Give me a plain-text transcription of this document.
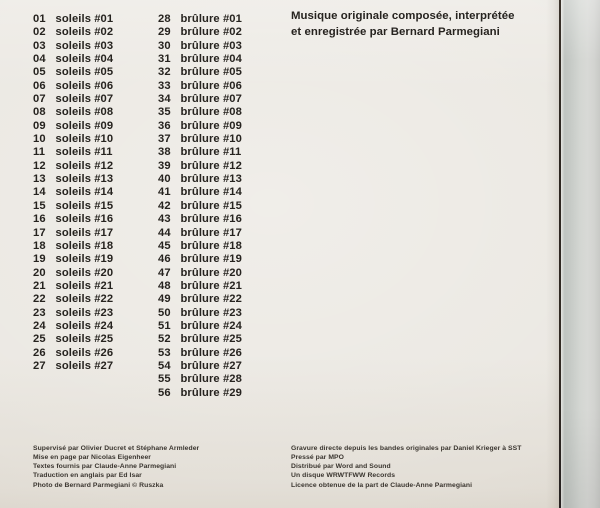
01 soleils #01
02 soleils #02
03 soleils #03
04 soleils #04
05 soleils #05
06 soleils #06
07 soleils #07
08 soleils #08
09 soleils #09
10 soleils #10
11 soleils #11
12 soleils #12
13 soleils #13
14 soleils #14
15 soleils #15
16 soleils #16
17 soleils #17
18 soleils #18
19 soleils #19
20 soleils #20
21 soleils #21
22 soleils #22
23 soleils #23
24 soleils #24
25 soleils #25
26 soleils #26
27 soleils #27
28 brûlure #01
29 brûlure #02
30 brûlure #03
31 brûlure #04
32 brûlure #05
33 brûlure #06
34 brûlure #07
35 brûlure #08
36 brûlure #09
37 brûlure #10
38 brûlure #11
39 brûlure #12
40 brûlure #13
41 brûlure #14
42 brûlure #15
43 brûlure #16
44 brûlure #17
45 brûlure #18
46 brûlure #19
47 brûlure #20
48 brûlure #21
49 brûlure #22
50 brûlure #23
51 brûlure #24
52 brûlure #25
53 brûlure #26
54 brûlure #27
55 brûlure #28
56 brûlure #29
Musique originale composée, interprétée
et enregistrée par Bernard Parmegiani
Supervisé par Olivier Ducret et Stéphane Armleder
Mise en page par Nicolas Eigenheer
Textes fournis par Claude-Anne Parmegiani
Traduction en anglais par Ed Isar
Photo de Bernard Parmegiani © Ruszka
Gravure directe depuis les bandes originales par Daniel Krieger à SST
Pressé par MPO
Distribué par Word and Sound
Un disque WRWTFWW Records
Licence obtenue de la part de Claude-Anne Parmegiani
